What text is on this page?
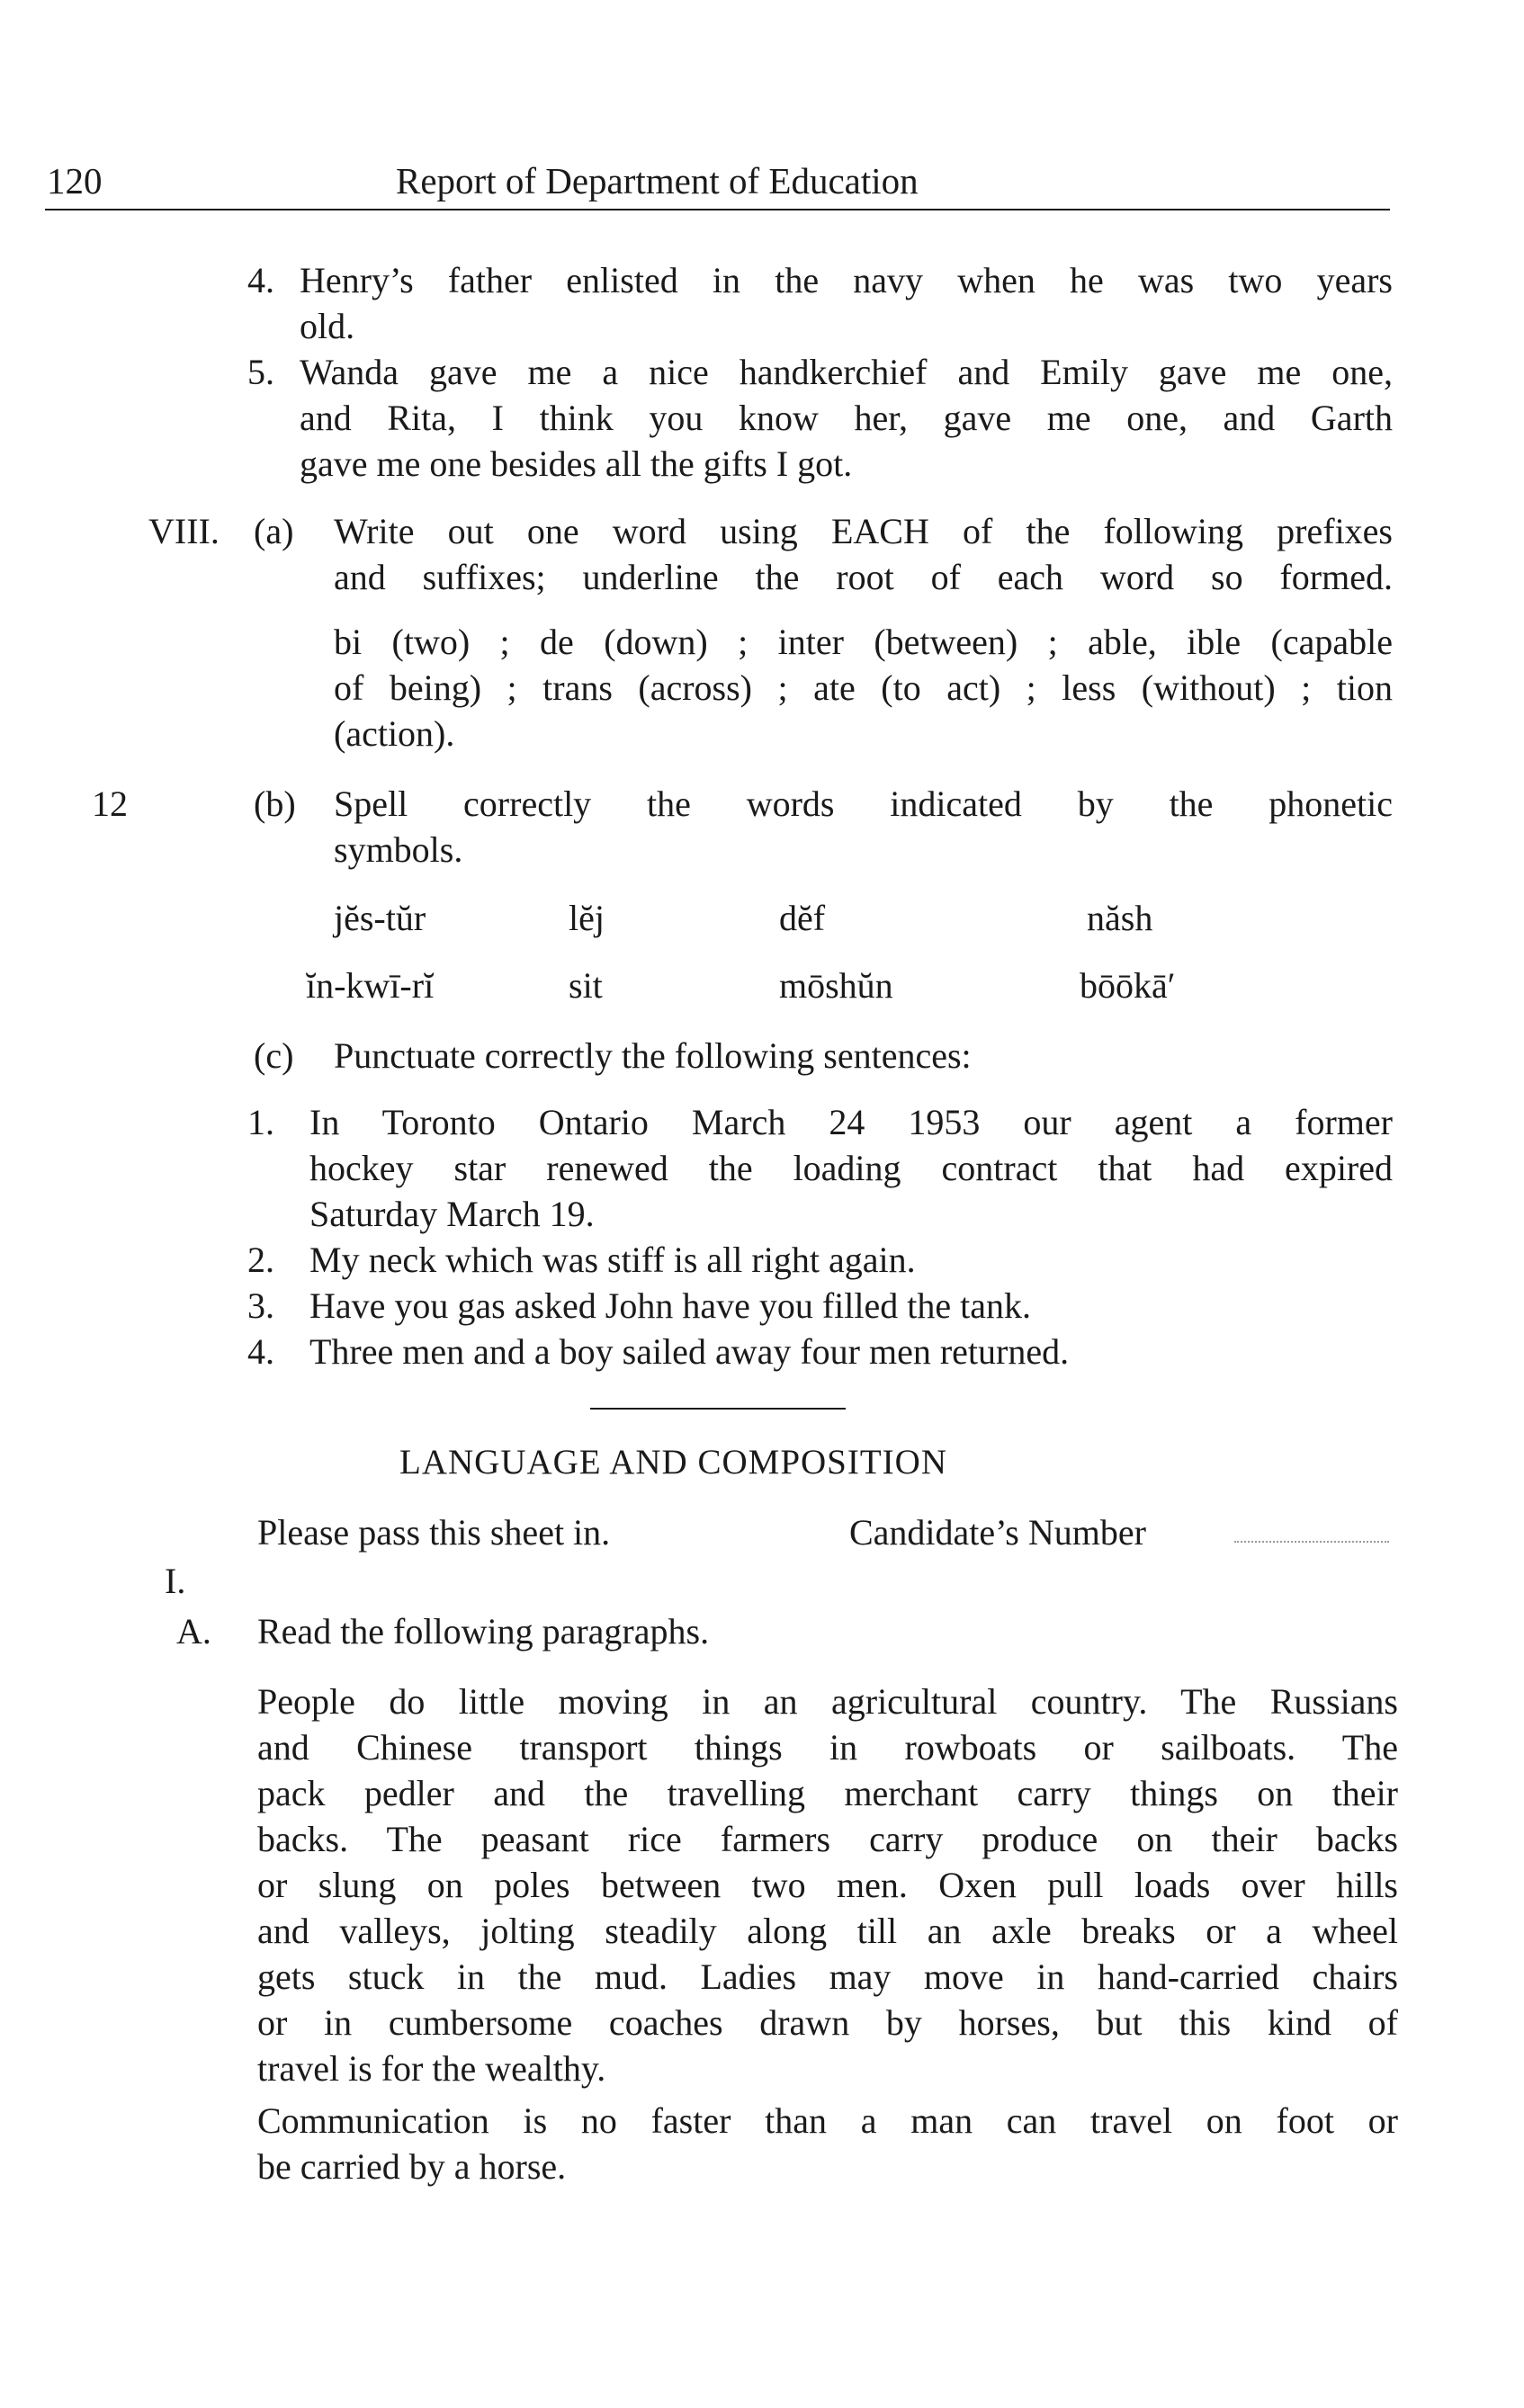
120	Report of Department of Education
4. Henry’s father enlisted in the navy when he was two years
old.
5. Wanda gave me a nice handkerchief and Emily gave me one,
and Rita, I think you know her, gave me one, and Garth
gave me one besides all the gifts I got.
VIII. (a) Write out one word using EACH of the following prefixes
and suffixes; underline the root of each word so formed.
bi (two) ; de (down) ; inter (between) ; able, ible (capable
of being) ; trans (across) ; ate (to act) ; less (without) ; tion
(action).
12	(b) Spell correctly the words indicated by the phonetic
symbols.
jĕs-tŭr	lĕj	dĕf	năsh
ĭn-kwī-rĭ	sit	mōshŭn	bōōkā′
(c) Punctuate correctly the following sentences:
1. In Toronto Ontario March 24 1953 our agent a former
hockey star renewed the loading contract that had expired
Saturday March 19.
2. My neck which was stiff is all right again.
3. Have you gas asked John have you filled the tank.
4. Three men and a boy sailed away four men returned.
LANGUAGE AND COMPOSITION
Please pass this sheet in.	Candidate’s Number
I.
A. Read the following paragraphs.
People do little moving in an agricultural country. The Russians
and Chinese transport things in rowboats or sailboats. The
pack pedler and the travelling merchant carry things on their
backs. The peasant rice farmers carry produce on their backs
or slung on poles between two men. Oxen pull loads over hills
and valleys, jolting steadily along till an axle breaks or a wheel
gets stuck in the mud. Ladies may move in hand-carried chairs
or in cumbersome coaches drawn by horses, but this kind of
travel is for the wealthy.
Communication is no faster than a man can travel on foot or
be carried by a horse.
